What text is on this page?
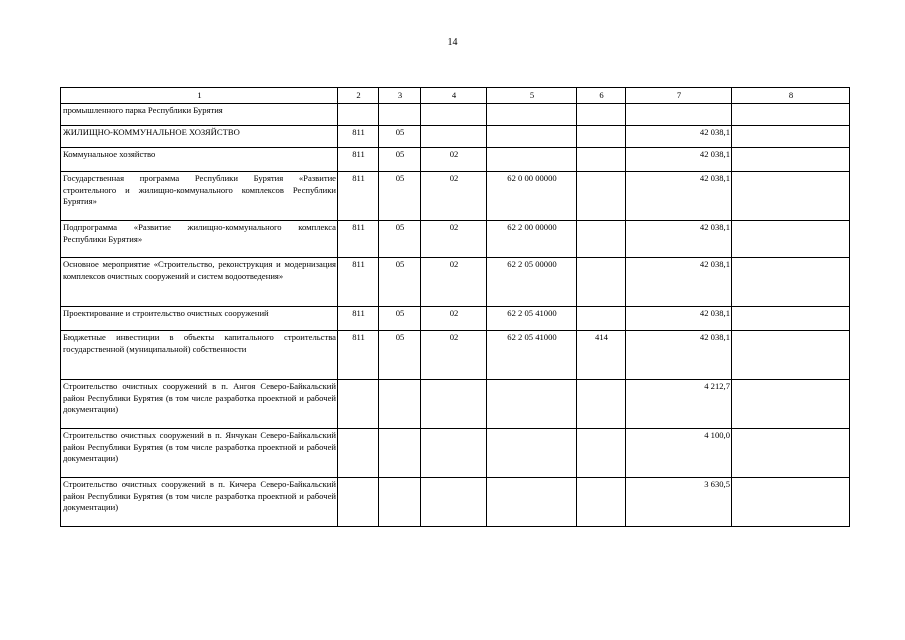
14
1	2	3	4	5	6	7	8
промышленного парка Республики Бурятия							
ЖИЛИЩНО-КОММУНАЛЬНОЕ ХОЗЯЙСТВО	811	05				42 038,1	
Коммунальное хозяйство	811	05	02			42 038,1	
Государственная программа Республики Бурятия «Развитие строительного и жилищно-коммунального комплексов Республики Бурятия»	811	05	02	62 0 00 00000		42 038,1	
Подпрограмма «Развитие жилищно-коммунального комплекса Республики Бурятия»	811	05	02	62 2 00 00000		42 038,1	
Основное мероприятие «Строительство, реконструкция и модернизация комплексов очистных сооружений и систем водоотведения»	811	05	02	62 2 05 00000		42 038,1	
Проектирование и строительство очистных сооружений	811	05	02	62 2 05 41000		42 038,1	
Бюджетные инвестиции в объекты капитального строительства государственной (муниципальной) собственности	811	05	02	62 2 05 41000	414	42 038,1	
Строительство очистных сооружений в п. Ангоя Северо-Байкальский район Республики Бурятия (в том числе разработка проектной и рабочей документации)						4 212,7	
Строительство очистных сооружений в п. Янчукан Северо-Байкальский район Республики Бурятия (в том числе разработка проектной и рабочей документации)						4 100,0	
Строительство очистных сооружений в п. Кичера Северо-Байкальский район Республики Бурятия (в том числе разработка проектной и рабочей документации)						3 630,5	
